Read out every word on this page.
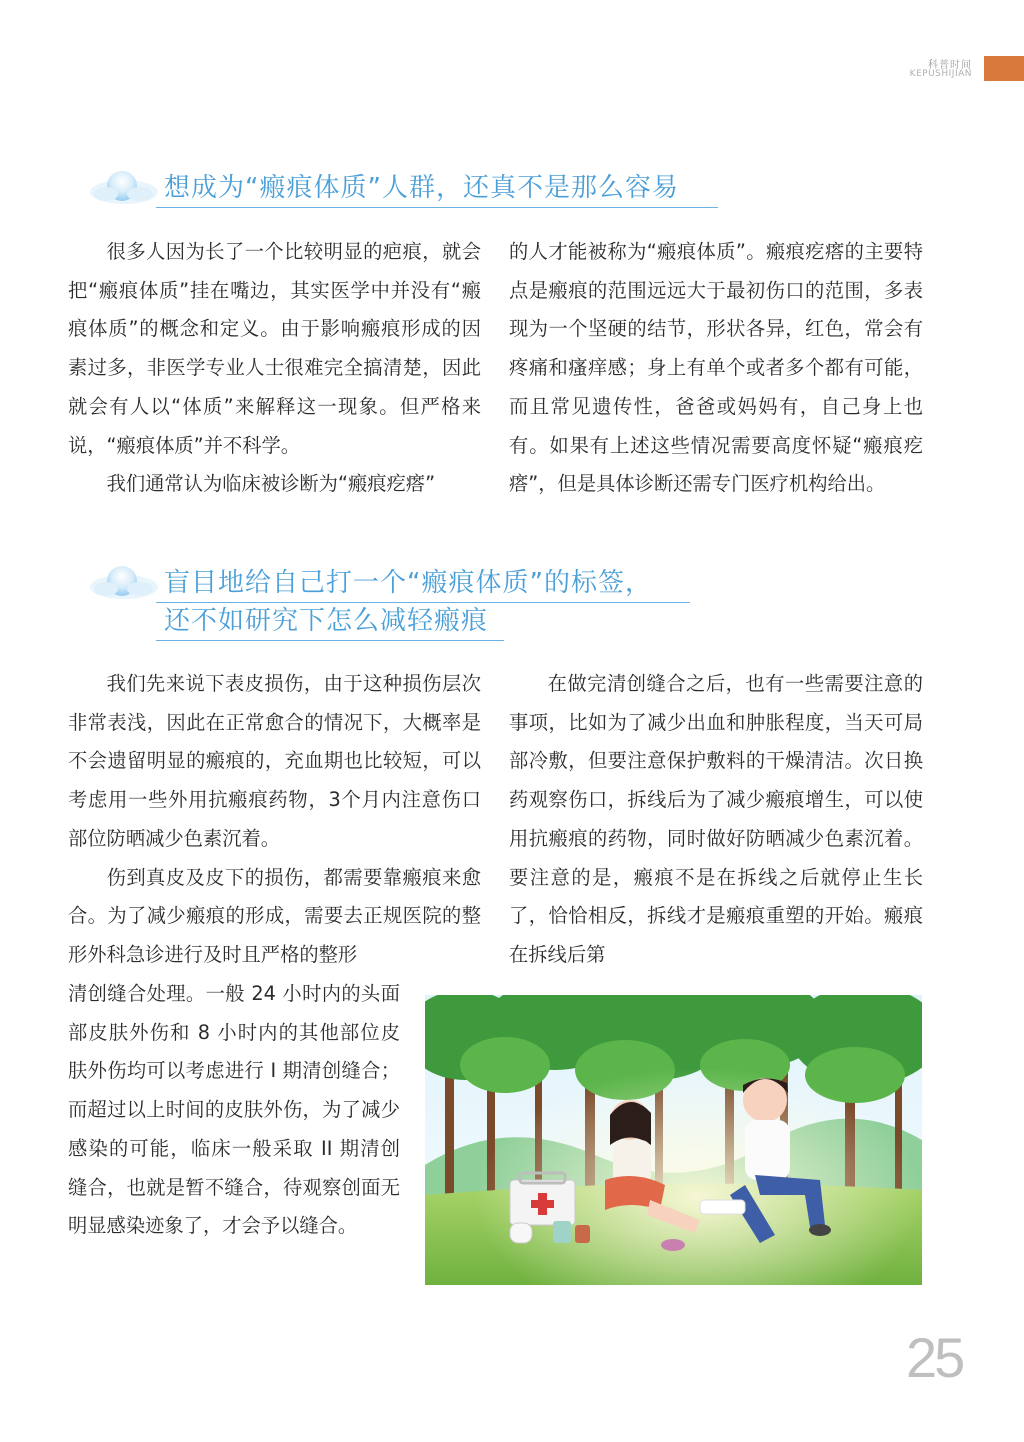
科普时间
KEPUSHIJIAN
想成为“瘢痕体质”人群，还真不是那么容易

很多人因为长了一个比较明显的疤痕，就会把“瘢痕体质”挂在嘴边，其实医学中并没有“瘢痕体质”的概念和定义。由于影响瘢痕形成的因素过多，非医学专业人士很难完全搞清楚，因此就会有人以“体质”来解释这一现象。但严格来说，“瘢痕体质”并不科学。

我们通常认为临床被诊断为“瘢痕疙瘩”

的人才能被称为“瘢痕体质”。瘢痕疙瘩的主要特点是瘢痕的范围远远大于最初伤口的范围，多表现为一个坚硬的结节，形状各异，红色，常会有疼痛和瘙痒感；身上有单个或者多个都有可能，而且常见遗传性，爸爸或妈妈有，自己身上也有。如果有上述这些情况需要高度怀疑“瘢痕疙瘩”，但是具体诊断还需专门医疗机构给出。

盲目地给自己打一个“瘢痕体质”的标签，
还不如研究下怎么减轻瘢痕

我们先来说下表皮损伤，由于这种损伤层次非常表浅，因此在正常愈合的情况下，大概率是不会遗留明显的瘢痕的，充血期也比较短，可以考虑用一些外用抗瘢痕药物，3个月内注意伤口部位防晒减少色素沉着。

伤到真皮及皮下的损伤，都需要靠瘢痕来愈合。为了减少瘢痕的形成，需要去正规医院的整形外科急诊进行及时且严格的整形

清创缝合处理。一般 24 小时内的头面部皮肤外伤和 8 小时内的其他部位皮肤外伤均可以考虑进行 I 期清创缝合；而超过以上时间的皮肤外伤，为了减少感染的可能，临床一般采取 II 期清创缝合，也就是暂不缝合，待观察创面无明显感染迹象了，才会予以缝合。

在做完清创缝合之后，也有一些需要注意的事项，比如为了减少出血和肿胀程度，当天可局部冷敷，但要注意保护敷料的干燥清洁。次日换药观察伤口，拆线后为了减少瘢痕增生，可以使用抗瘢痕的药物，同时做好防晒减少色素沉着。要注意的是，瘢痕不是在拆线之后就停止生长了，恰恰相反，拆线才是瘢痕重塑的开始。瘢痕在拆线后第

25
